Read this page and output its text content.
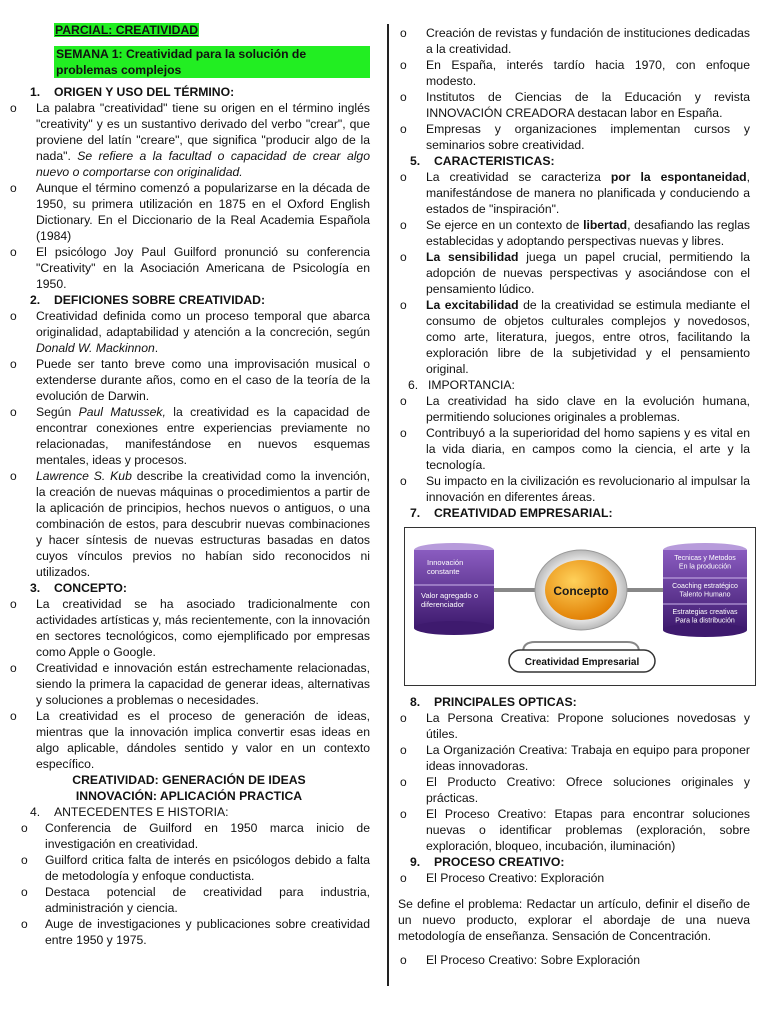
PARCIAL: CREATIVIDAD
SEMANA 1: Creatividad para la solución de problemas complejos
1. ORIGEN Y USO DEL TÉRMINO:
o La palabra "creatividad" tiene su origen en el término inglés "creativity" y es un sustantivo derivado del verbo "crear", que proviene del latín "creare", que significa "producir algo de la nada". Se refiere a la facultad o capacidad de crear algo nuevo o comportarse con originalidad.
o Aunque el término comenzó a popularizarse en la década de 1950, su primera utilización en 1875 en el Oxford English Dictionary. En el Diccionario de la Real Academia Española (1984)
o El psicólogo Joy Paul Guilford pronunció su conferencia "Creativity" en la Asociación Americana de Psicología en 1950.
2. DEFICIONES SOBRE CREATIVIDAD:
o Creatividad definida como un proceso temporal que abarca originalidad, adaptabilidad y atención a la concreción, según Donald W. Mackinnon.
o Puede ser tanto breve como una improvisación musical o extenderse durante años, como en el caso de la teoría de la evolución de Darwin.
o Según Paul Matussek, la creatividad es la capacidad de encontrar conexiones entre experiencias previamente no relacionadas, manifestándose en nuevos esquemas mentales, ideas y procesos.
o Lawrence S. Kub describe la creatividad como la invención, la creación de nuevas máquinas o procedimientos a partir de la aplicación de principios, hechos nuevos o antiguos, o una combinación de estos, para descubrir nuevas combinaciones y hacer síntesis de nuevas estructuras basadas en datos cuyos vínculos previos no habían sido reconocidos ni utilizados.
3. CONCEPTO:
o La creatividad se ha asociado tradicionalmente con actividades artísticas y, más recientemente, con la innovación en sectores tecnológicos, como ejemplificado por empresas como Apple o Google.
o Creatividad e innovación están estrechamente relacionadas, siendo la primera la capacidad de generar ideas, alternativas y soluciones a problemas o necesidades.
o La creatividad es el proceso de generación de ideas, mientras que la innovación implica convertir esas ideas en algo aplicable, dándoles sentido y valor en un contexto específico.
CREATIVIDAD: GENERACIÓN DE IDEAS
INNOVACIÓN: APLICACIÓN PRACTICA
4. ANTECEDENTES E HISTORIA:
o Conferencia de Guilford en 1950 marca inicio de investigación en creatividad.
o Guilford critica falta de interés en psicólogos debido a falta de metodología y enfoque conductista.
o Destaca potencial de creatividad para industria, administración y ciencia.
o Auge de investigaciones y publicaciones sobre creatividad entre 1950 y 1975.
o Creación de revistas y fundación de instituciones dedicadas a la creatividad.
o En España, interés tardío hacia 1970, con enfoque modesto.
o Institutos de Ciencias de la Educación y revista INNOVACIÓN CREADORA destacan labor en España.
o Empresas y organizaciones implementan cursos y seminarios sobre creatividad.
5. CARACTERISTICAS:
o La creatividad se caracteriza por la espontaneidad, manifestándose de manera no planificada y conduciendo a estados de "inspiración".
o Se ejerce en un contexto de libertad, desafiando las reglas establecidas y adoptando perspectivas nuevas y libres.
o La sensibilidad juega un papel crucial, permitiendo la adopción de nuevas perspectivas y asociándose con el pensamiento lúdico.
o La excitabilidad de la creatividad se estimula mediante el consumo de objetos culturales complejos y novedosos, como arte, literatura, juegos, entre otros, facilitando la exploración libre de la subjetividad y el pensamiento original.
6. IMPORTANCIA:
o La creatividad ha sido clave en la evolución humana, permitiendo soluciones originales a problemas.
o Contribuyó a la superioridad del homo sapiens y es vital en la vida diaria, en campos como la ciencia, el arte y la tecnología.
o Su impacto en la civilización es revolucionario al impulsar la innovación en diferentes áreas.
7. CREATIVIDAD EMPRESARIAL:
Innovación constante
Valor agregado o diferenciador
Tecnicas y Metodos En la producción
Coaching estratégico Talento Humano
Estrategias creativas Para la distribución
Concepto
Creatividad Empresarial
8. PRINCIPALES OPTICAS:
o La Persona Creativa: Propone soluciones novedosas y útiles.
o La Organización Creativa: Trabaja en equipo para proponer ideas innovadoras.
o El Producto Creativo: Ofrece soluciones originales y prácticas.
o El Proceso Creativo: Etapas para encontrar soluciones nuevas o identificar problemas (exploración, sobre exploración, bloqueo, incubación, iluminación)
9. PROCESO CREATIVO:
o El Proceso Creativo: Exploración
Se define el problema: Redactar un artículo, definir el diseño de un nuevo producto, explorar el abordaje de una nueva metodología de enseñanza. Sensación de Concentración.
o El Proceso Creativo: Sobre Exploración
